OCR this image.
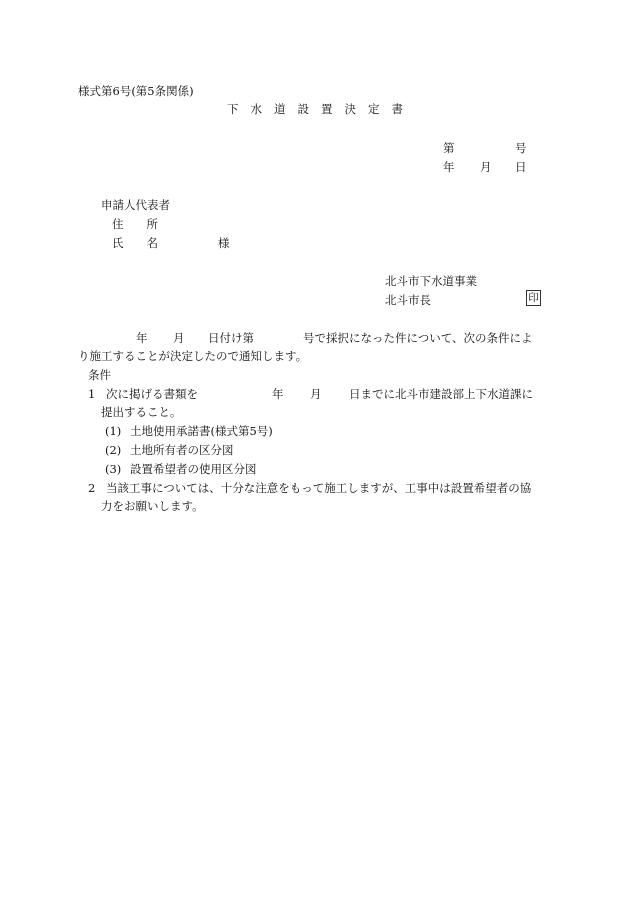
様式第6号(第5条関係)
下水道設置決定書
第	号
年 月 日
申請人代表者
住　　所
氏　　名	様
北斗市下水道事業
北斗市長	印
年 月 日付け第	号で採択になった件について、次の条件によ
り施工することが決定したので通知します。
条件
1 次に掲げる書類を	年 月 日までに北斗市建設部上下水道課に
提出すること。
(1) 土地使用承諾書(様式第5号)
(2) 土地所有者の区分図
(3) 設置希望者の使用区分図
2 当該工事については、十分な注意をもって施工しますが、工事中は設置希望者の協
力をお願いします。
